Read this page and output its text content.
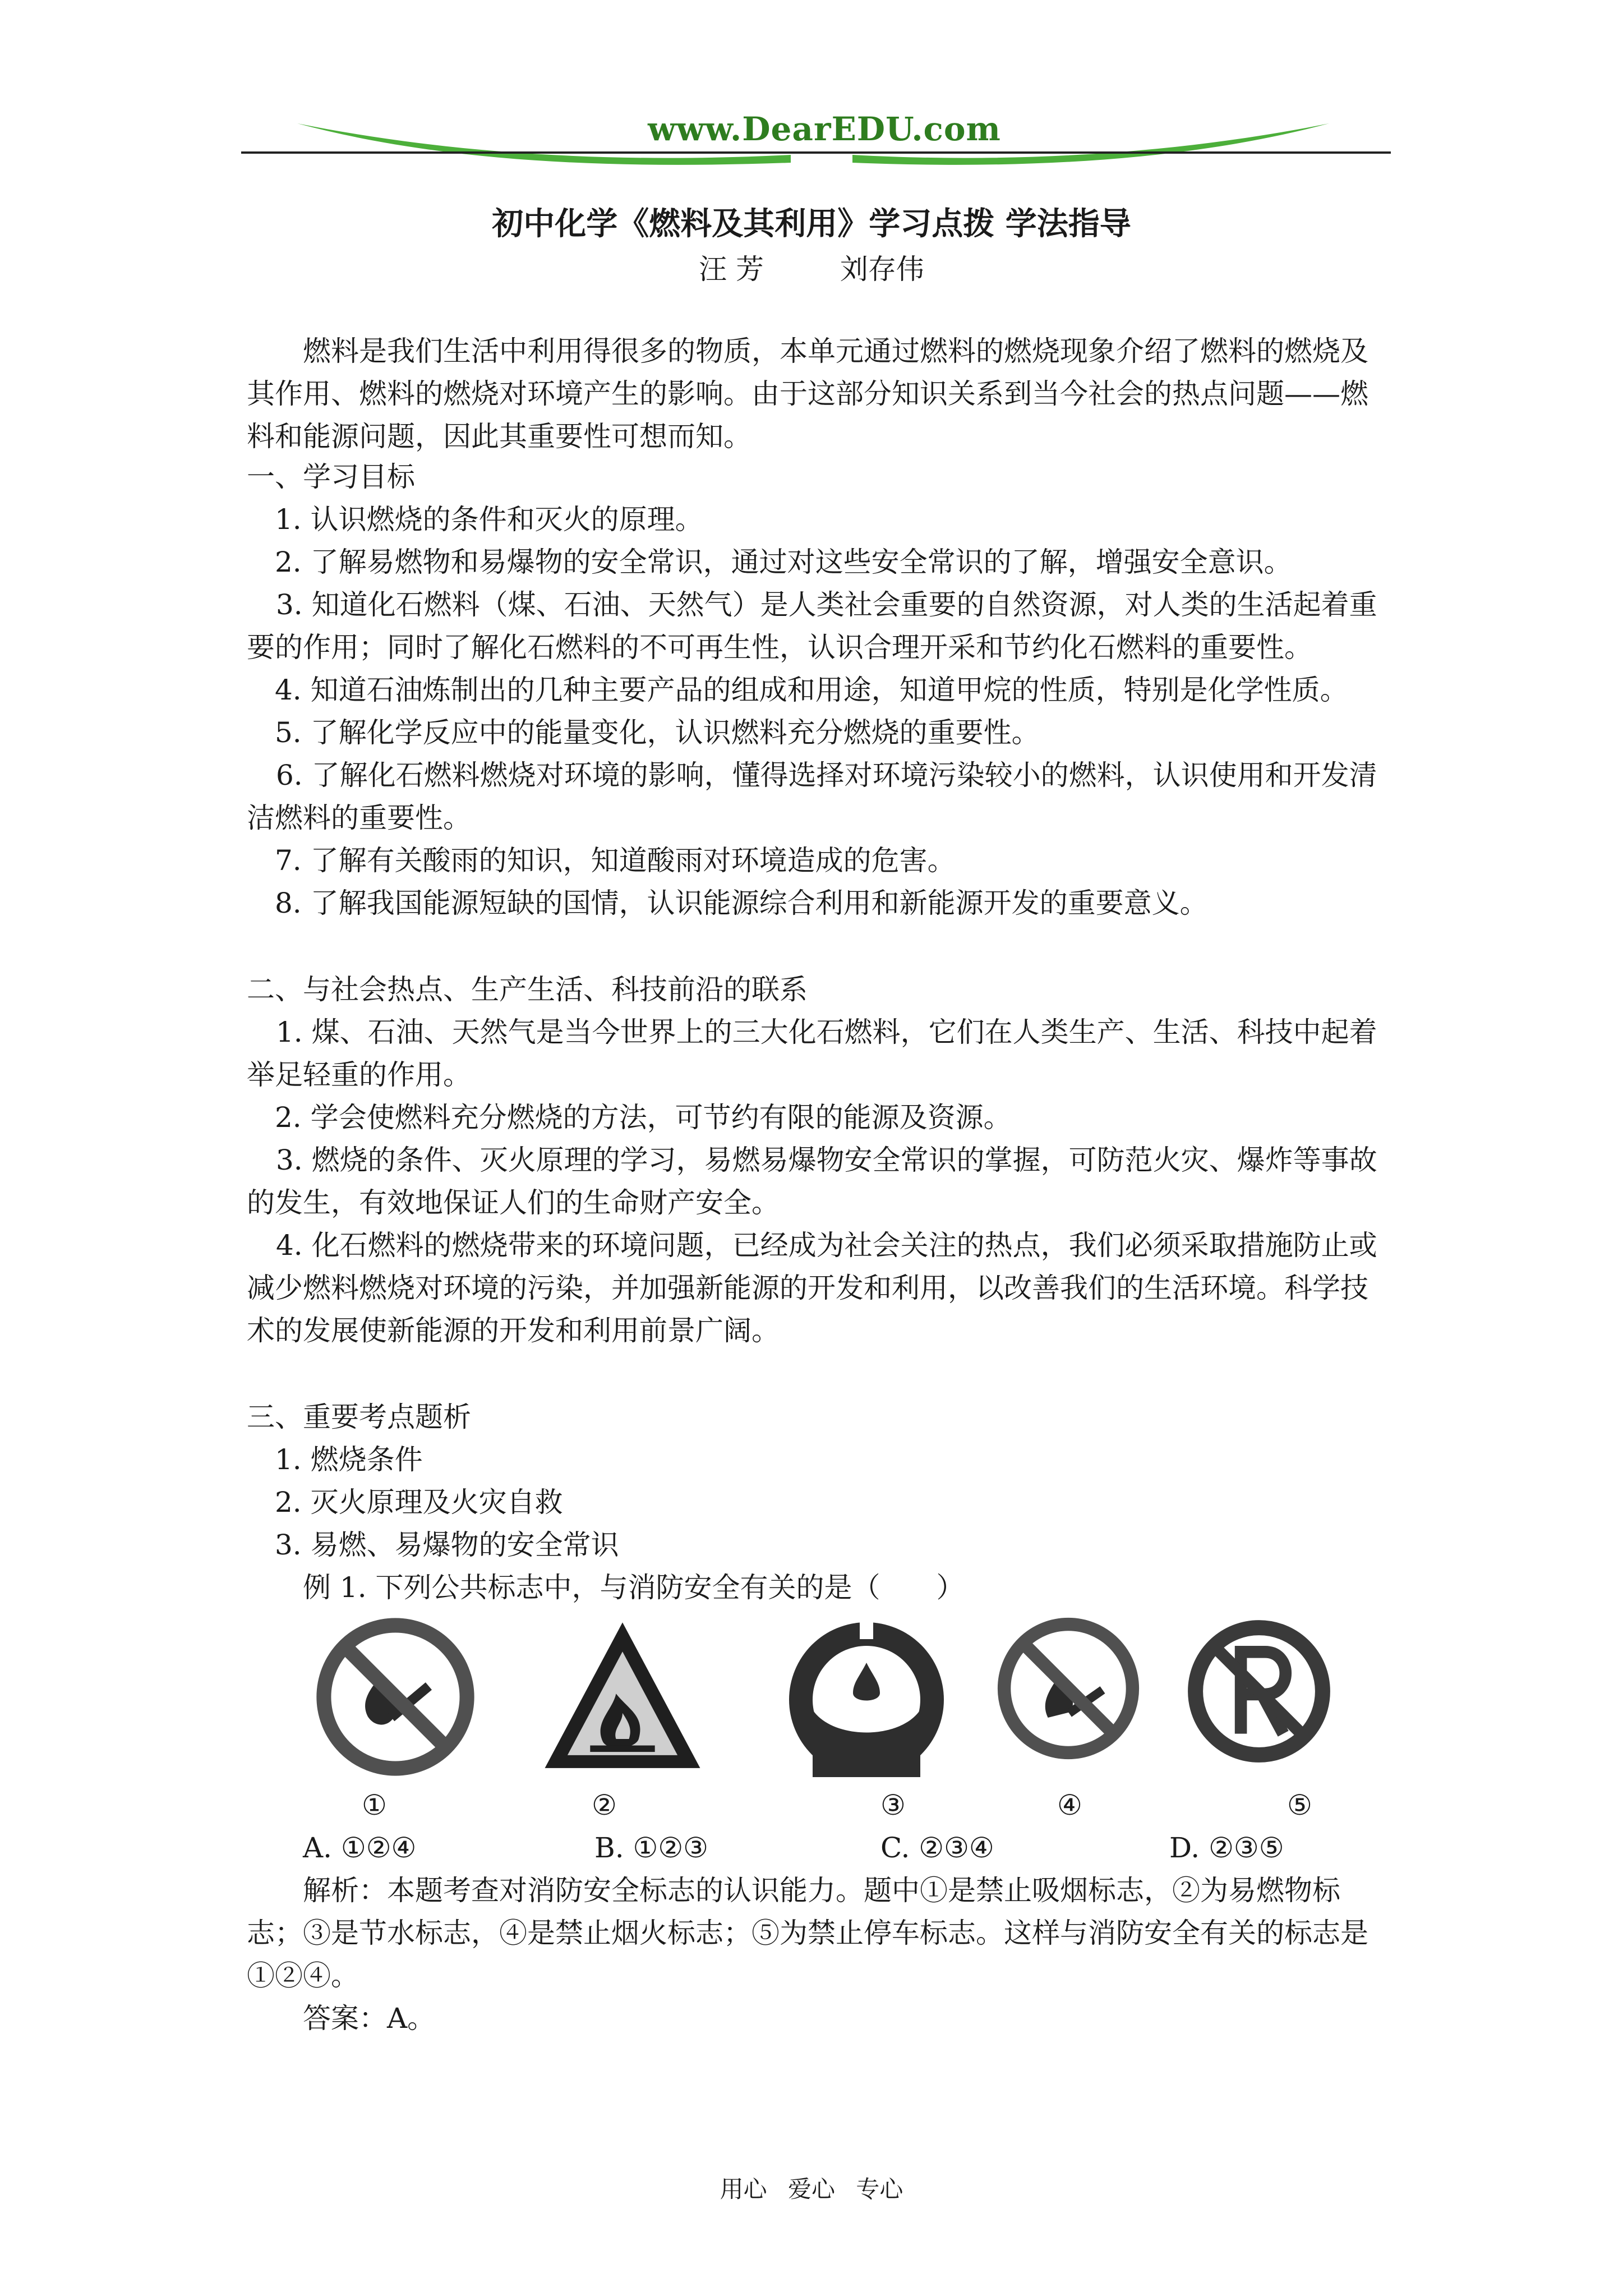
www.DearEDU.com
初中化学《燃料及其利用》学习点拨 学法指导
汪 芳	刘存伟
燃料是我们生活中利用得很多的物质，本单元通过燃料的燃烧现象介绍了燃料的燃烧及其作用、燃料的燃烧对环境产生的影响。由于这部分知识关系到当今社会的热点问题——燃料和能源问题，因此其重要性可想而知。
一、学习目标
1. 认识燃烧的条件和灭火的原理。
2. 了解易燃物和易爆物的安全常识，通过对这些安全常识的了解，增强安全意识。
3. 知道化石燃料（煤、石油、天然气）是人类社会重要的自然资源，对人类的生活起着重要的作用；同时了解化石燃料的不可再生性，认识合理开采和节约化石燃料的重要性。
4. 知道石油炼制出的几种主要产品的组成和用途，知道甲烷的性质，特别是化学性质。
5. 了解化学反应中的能量变化，认识燃料充分燃烧的重要性。
6. 了解化石燃料燃烧对环境的影响，懂得选择对环境污染较小的燃料，认识使用和开发清洁燃料的重要性。
7. 了解有关酸雨的知识，知道酸雨对环境造成的危害。
8. 了解我国能源短缺的国情，认识能源综合利用和新能源开发的重要意义。
二、与社会热点、生产生活、科技前沿的联系
1. 煤、石油、天然气是当今世界上的三大化石燃料，它们在人类生产、生活、科技中起着举足轻重的作用。
2. 学会使燃料充分燃烧的方法，可节约有限的能源及资源。
3. 燃烧的条件、灭火原理的学习，易燃易爆物安全常识的掌握，可防范火灾、爆炸等事故的发生，有效地保证人们的生命财产安全。
4. 化石燃料的燃烧带来的环境问题，已经成为社会关注的热点，我们必须采取措施防止或减少燃料燃烧对环境的污染，并加强新能源的开发和利用，以改善我们的生活环境。科学技术的发展使新能源的开发和利用前景广阔。
三、重要考点题析
1. 燃烧条件
2. 灭火原理及火灾自救
3. 易燃、易爆物的安全常识
例 1. 下列公共标志中，与消防安全有关的是（　　）
①	②	③	④	⑤
A. ①②④	B. ①②③	C. ②③④	D. ②③⑤
解析：本题考查对消防安全标志的认识能力。题中①是禁止吸烟标志，②为易燃物标志；③是节水标志，④是禁止烟火标志；⑤为禁止停车标志。这样与消防安全有关的标志是①②④。
答案：A。
用心 爱心 专心
